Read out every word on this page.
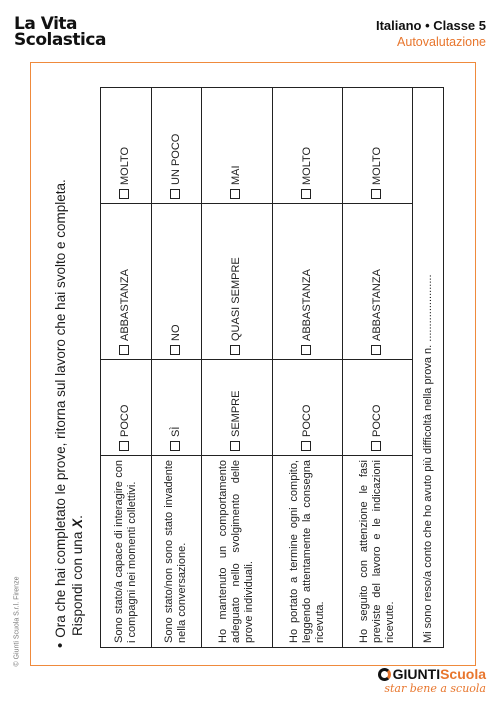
La Vita
Scolastica
Italiano • Classe 5
Autovalutazione
•Ora che hai completato le prove, ritorna sul lavoro che hai svolto e completa. Rispondi con una X.	Sono stato/a capace di interagire con i compagni nei momenti collettivi.	POCO	ABBASTANZA	MOLTO
Sono stato/non sono stato invadente nella conversazione.	SÌ	NO	UN POCO
Ho mantenuto un comportamento adeguato nello svolgimento delle prove individuali.	SEMPRE	QUASI SEMPRE	MAI
Ho portato a termine ogni compito, leggendo attentamente la consegna ricevuta.	POCO	ABBASTANZA	MOLTO
Ho seguito con attenzione le fasi previste del lavoro e le indicazioni ricevute.	POCO	ABBASTANZA	MOLTO
Mi sono reso/a conto che ho avuto più difficoltà nella prova n. ......................			
© Giunti Scuola S.r.l. Firenze
GIUNTIScuola
star bene a scuola
